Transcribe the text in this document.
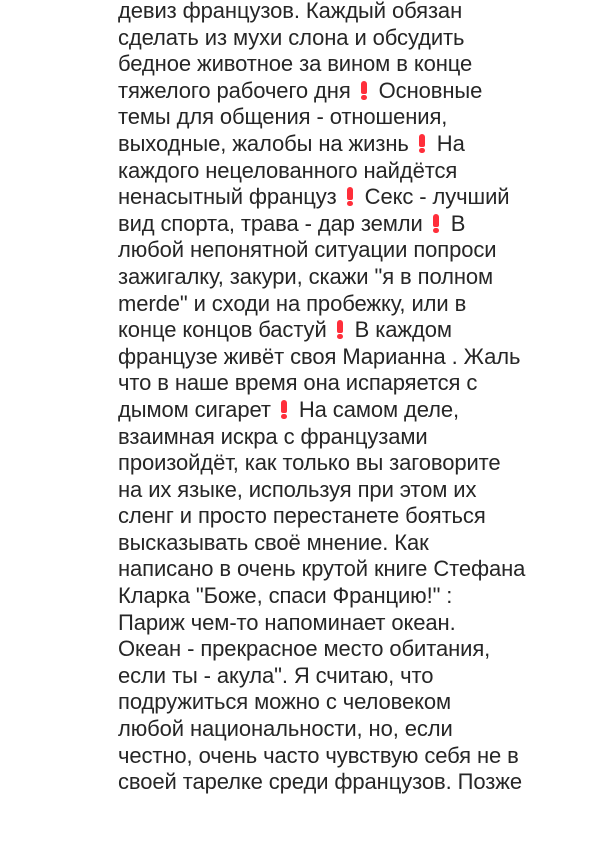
девиз французов. Каждый обязан
сделать из мухи слона и обсудить
бедное животное за вином в конце
тяжелого рабочего дня  Основные
темы для общения - отношения,
выходные, жалобы на жизнь  На
каждого нецелованного найдётся
ненасытный француз  Секс - лучший
вид спорта, трава - дар земли  В
любой непонятной ситуации попроси
зажигалку, закури, скажи "я в полном
merde" и сходи на пробежку, или в
конце концов бастуй  В каждом
французе живёт своя Марианна . Жаль
что в наше время она испаряется с
дымом сигарет  На самом деле,
взаимная искра с французами
произойдёт, как только вы заговорите
на их языке, используя при этом их
сленг и просто перестанете бояться
высказывать своё мнение. Как
написано в очень крутой книге Стефана
Кларка "Боже, спаси Францию!" :
Париж чем-то напоминает океан.
Океан - прекрасное место обитания,
если ты - акула". Я считаю, что
подружиться можно с человеком
любой национальности, но, если
честно, очень часто чувствую себя не в
своей тарелке среди французов. Позже
